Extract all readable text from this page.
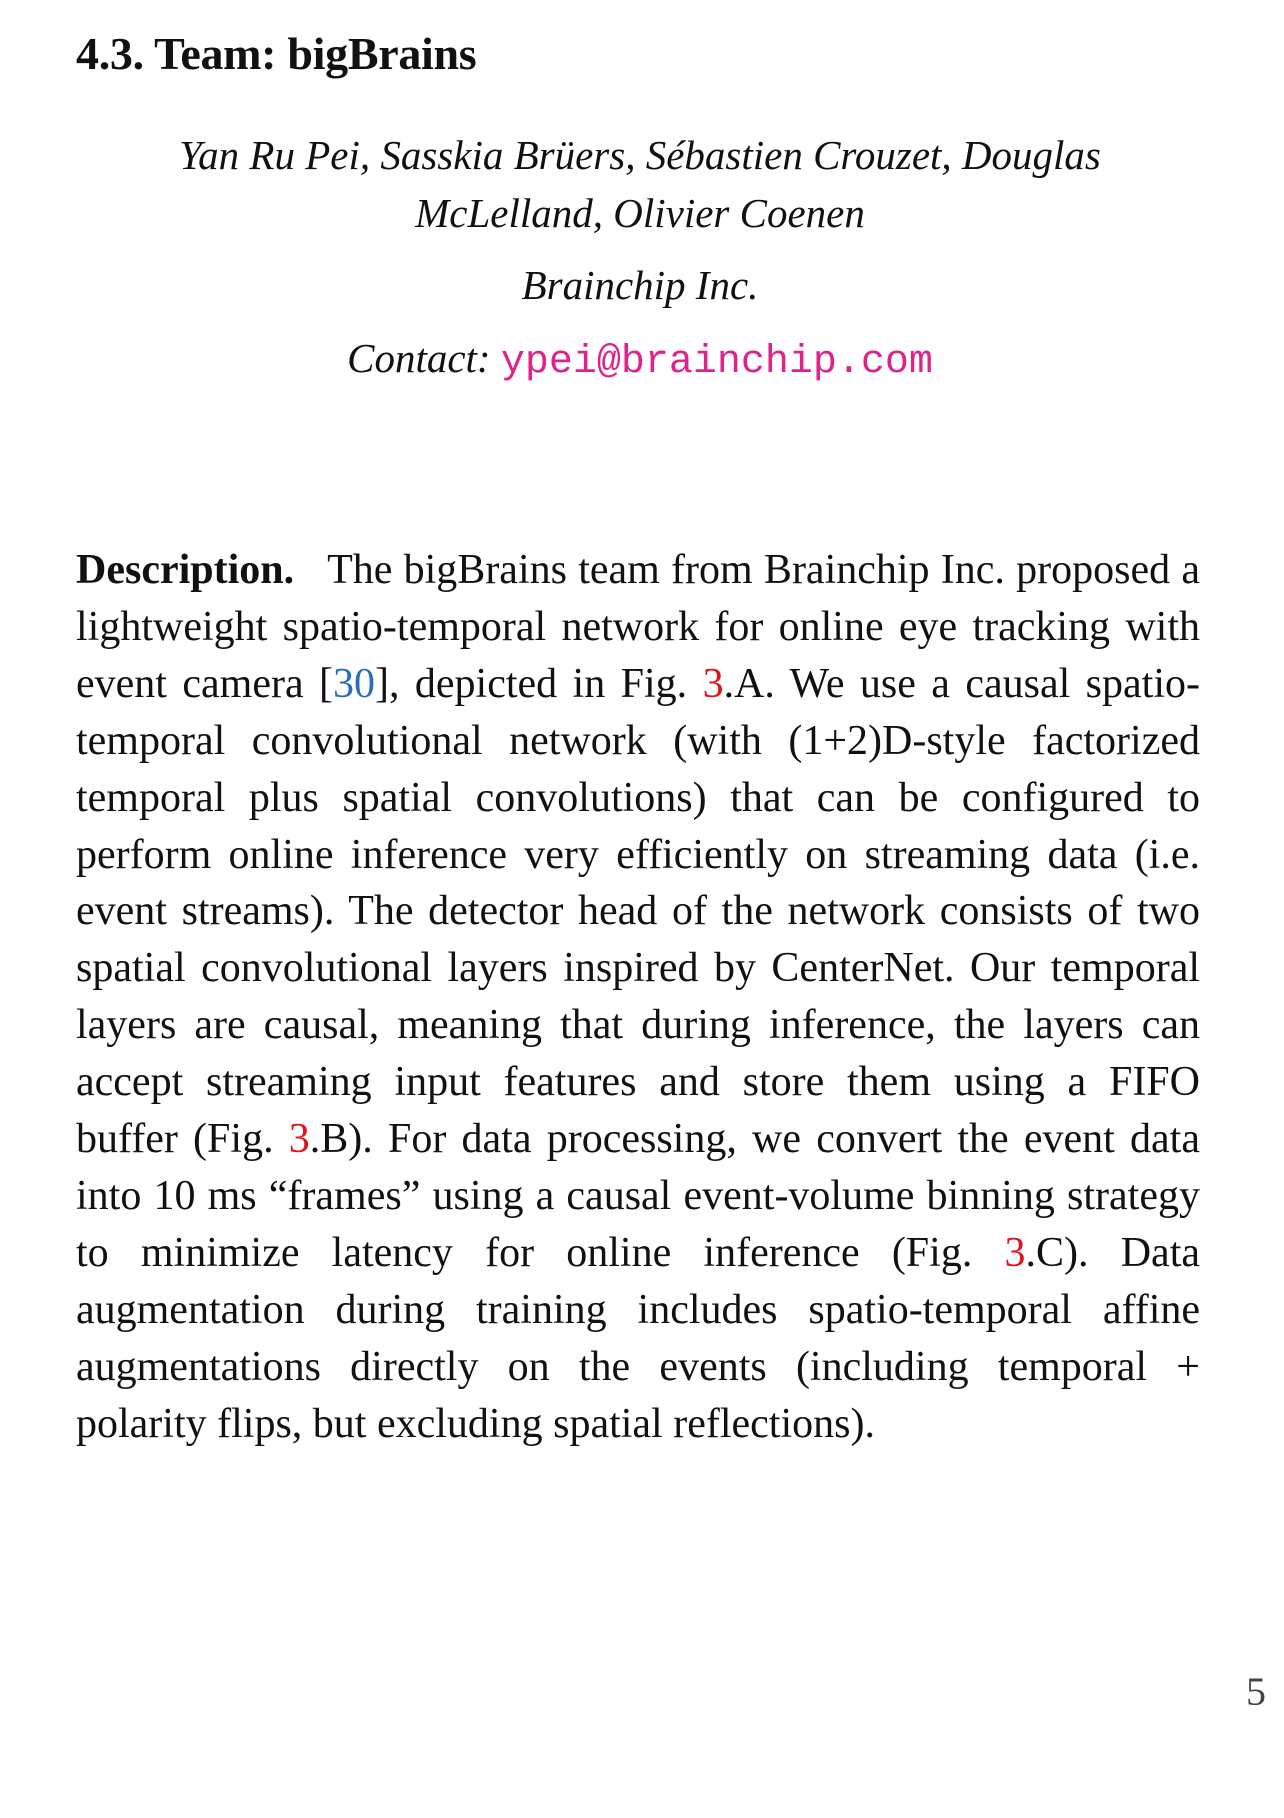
4.3. Team: bigBrains

Yan Ru Pei, Sasskia Brüers, Sébastien Crouzet, Douglas
McLelland, Olivier Coenen

Brainchip Inc.

Contact: ypei@brainchip.com

Description. The bigBrains team from Brainchip Inc. proposed a lightweight spatio-temporal network for online eye tracking with event camera [30], depicted in Fig. 3.A. We use a causal spatio-temporal convolutional network (with (1+2)D-style factorized temporal plus spatial convolutions) that can be configured to perform online inference very efficiently on streaming data (i.e. event streams). The detector head of the network consists of two spatial convolutional layers inspired by CenterNet. Our temporal layers are causal, meaning that during inference, the layers can accept streaming input features and store them using a FIFO buffer (Fig. 3.B). For data processing, we convert the event data into 10 ms “frames” using a causal event-volume binning strategy to minimize latency for online inference (Fig. 3.C). Data augmentation during training includes spatio-temporal affine augmentations directly on the events (including temporal + polarity flips, but excluding spatial reflections).

5
